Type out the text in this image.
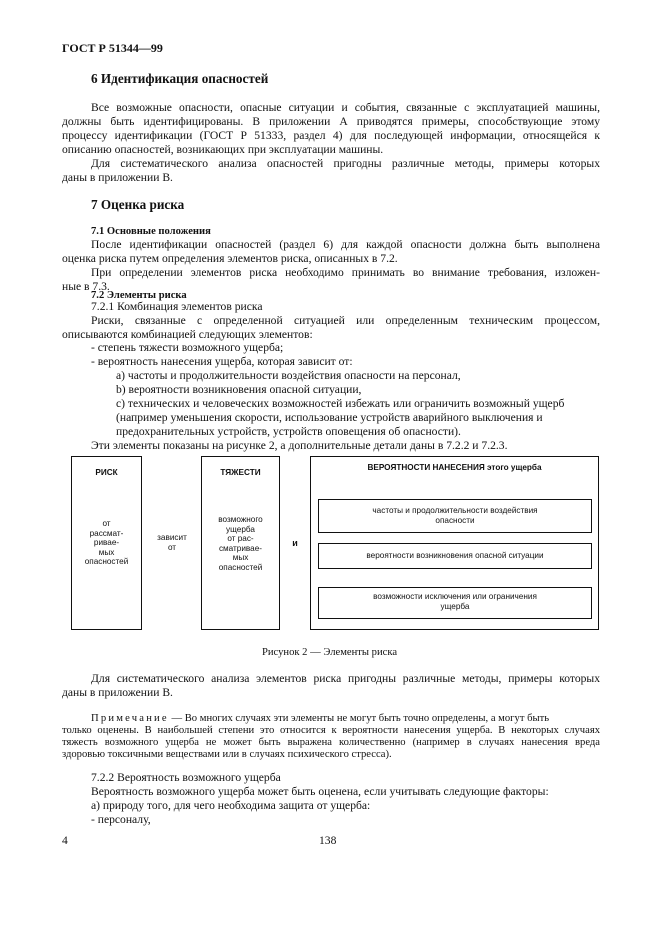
ГОСТ Р 51344—99
6 Идентификация опасностей
Все возможные опасности, опасные ситуации и события, связанные с эксплуатацией машины,
должны быть идентифицированы. В приложении А приводятся примеры, способствующие этому
процессу идентификации (ГОСТ Р 51333, раздел 4) для последующей информации, относящейся к
описанию опасностей, возникающих при эксплуатации машины.
Для систематического анализа опасностей пригодны различные методы, примеры которых
даны в приложении В.
7 Оценка риска
7.1 Основные положения
После идентификации опасностей (раздел 6) для каждой опасности должна быть выполнена
оценка риска путем определения элементов риска, описанных в 7.2.
При определении элементов риска необходимо принимать во внимание требования, изложен-
ные в 7.3.
7.2 Элементы риска
7.2.1 Комбинация элементов риска
Риски, связанные с определенной ситуацией или определенным техническим процессом,
описываются комбинацией следующих элементов:
- степень тяжести возможного ущерба;
- вероятность нанесения ущерба, которая зависит от:
а) частоты и продолжительности воздействия опасности на персонал,
b) вероятности возникновения опасной ситуации,
с) технических и человеческих возможностей избежать или ограничить возможный ущерб
(например уменьшения скорости, использование устройств аварийного выключения и
предохранительных устройств, устройств оповещения об опасности).
Эти элементы показаны на рисунке 2, а дополнительные детали даны в 7.2.2 и 7.2.3.
РИСК
от
рассмат-
ривае-
мых
опасностей
зависит
от
ТЯЖЕСТИ
возможного
ущерба
от рас-
сматривае-
мых
опасностей
и
ВЕРОЯТНОСТИ НАНЕСЕНИЯ этого ущерба
частоты и продолжительности воздействия
опасности
вероятности возникновения опасной ситуации
возможности исключения или ограничения
ущерба
Рисунок 2 — Элементы риска
Для систематического анализа элементов риска пригодны различные методы, примеры которых
даны в приложении В.
Примечание — Во многих случаях эти элементы не могут быть точно определены, а могут быть
только оценены. В наибольшей степени это относится к вероятности нанесения ущерба. В некоторых случаях
тяжесть возможного ущерба не может быть выражена количественно (например в случаях нанесения вреда
здоровью токсичными веществами или в случаях психического стресса).
7.2.2 Вероятность возможного ущерба
Вероятность возможного ущерба может быть оценена, если учитывать следующие факторы:
а) природу того, для чего необходима защита от ущерба:
- персоналу,
4	138
